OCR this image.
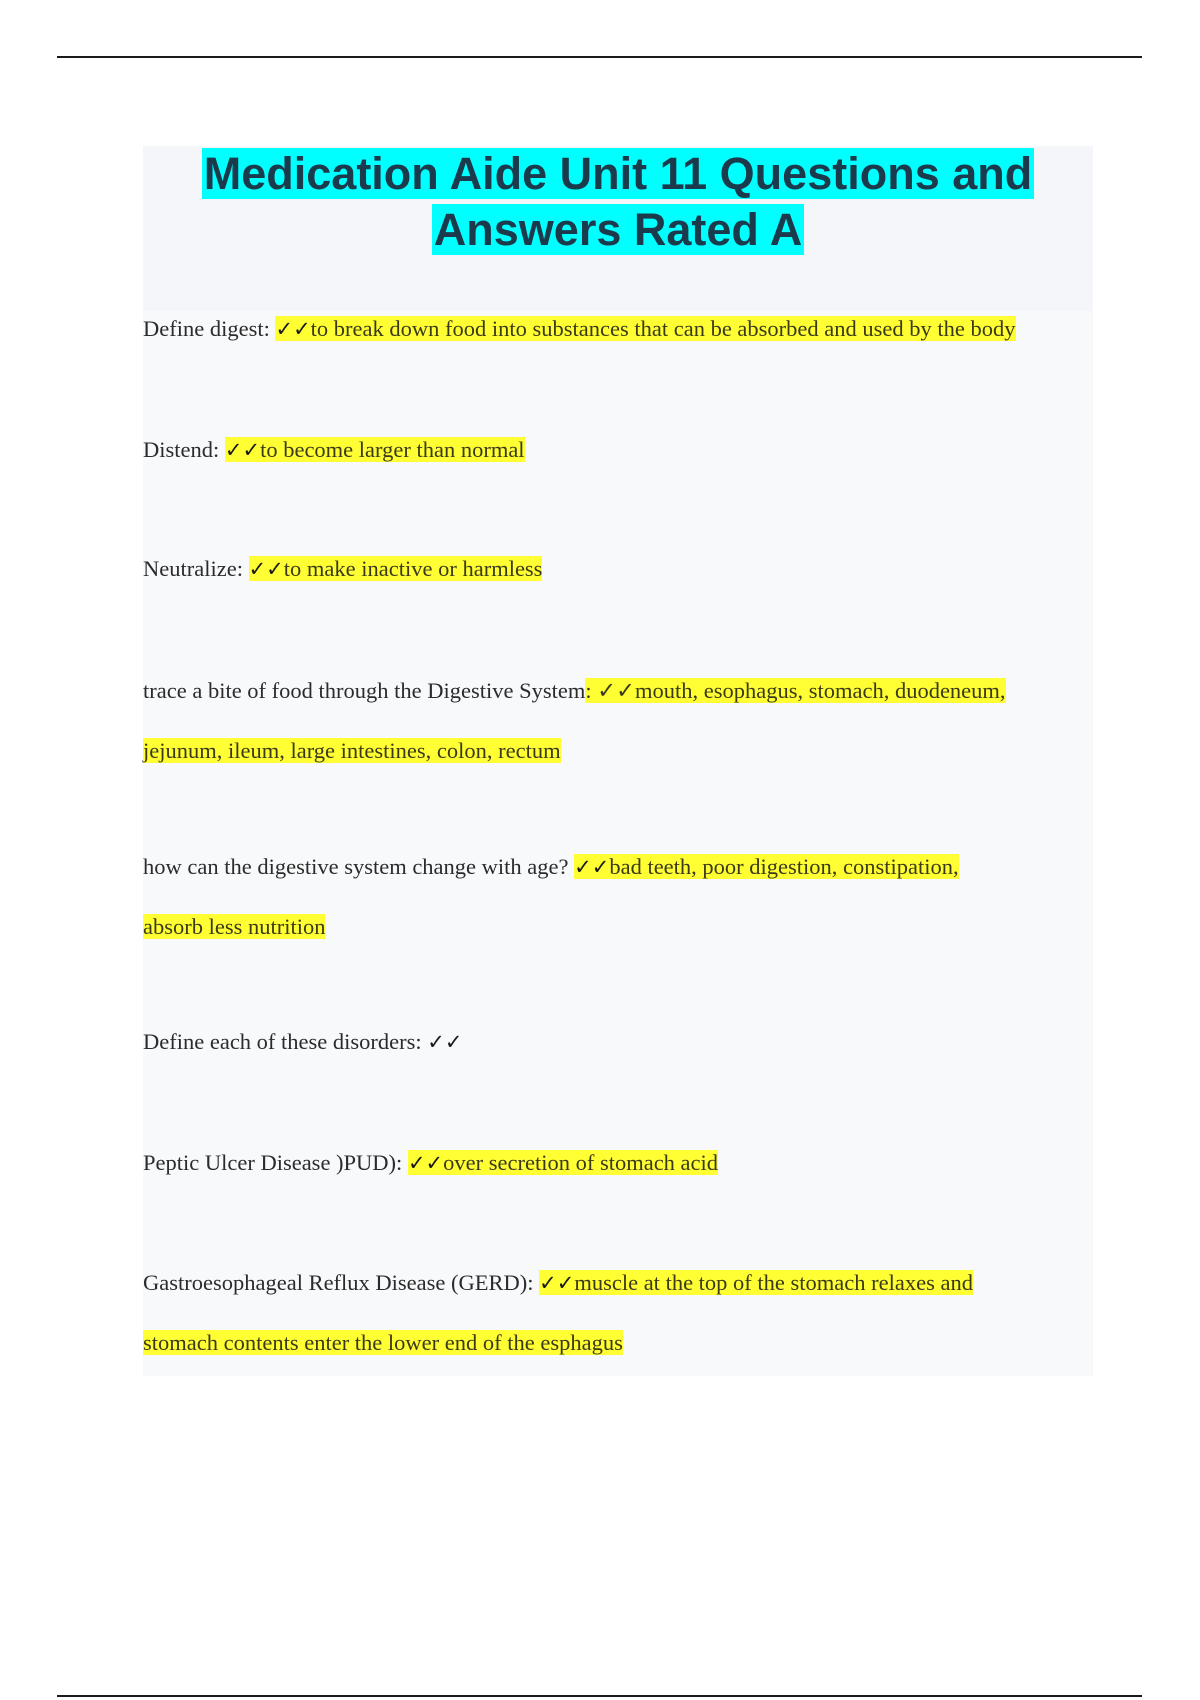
Medication Aide Unit 11 Questions and
Answers Rated A

Define digest: ✓✓to break down food into substances that can be absorbed and used by the body

Distend: ✓✓to become larger than normal

Neutralize: ✓✓to make inactive or harmless

trace a bite of food through the Digestive System: ✓✓mouth, esophagus, stomach, duodeneum,
jejunum, ileum, large intestines, colon, rectum

how can the digestive system change with age? ✓✓bad teeth, poor digestion, constipation,
absorb less nutrition

Define each of these disorders: ✓✓

Peptic Ulcer Disease )PUD): ✓✓over secretion of stomach acid

Gastroesophageal Reflux Disease (GERD): ✓✓muscle at the top of the stomach relaxes and
stomach contents enter the lower end of the esphagus
